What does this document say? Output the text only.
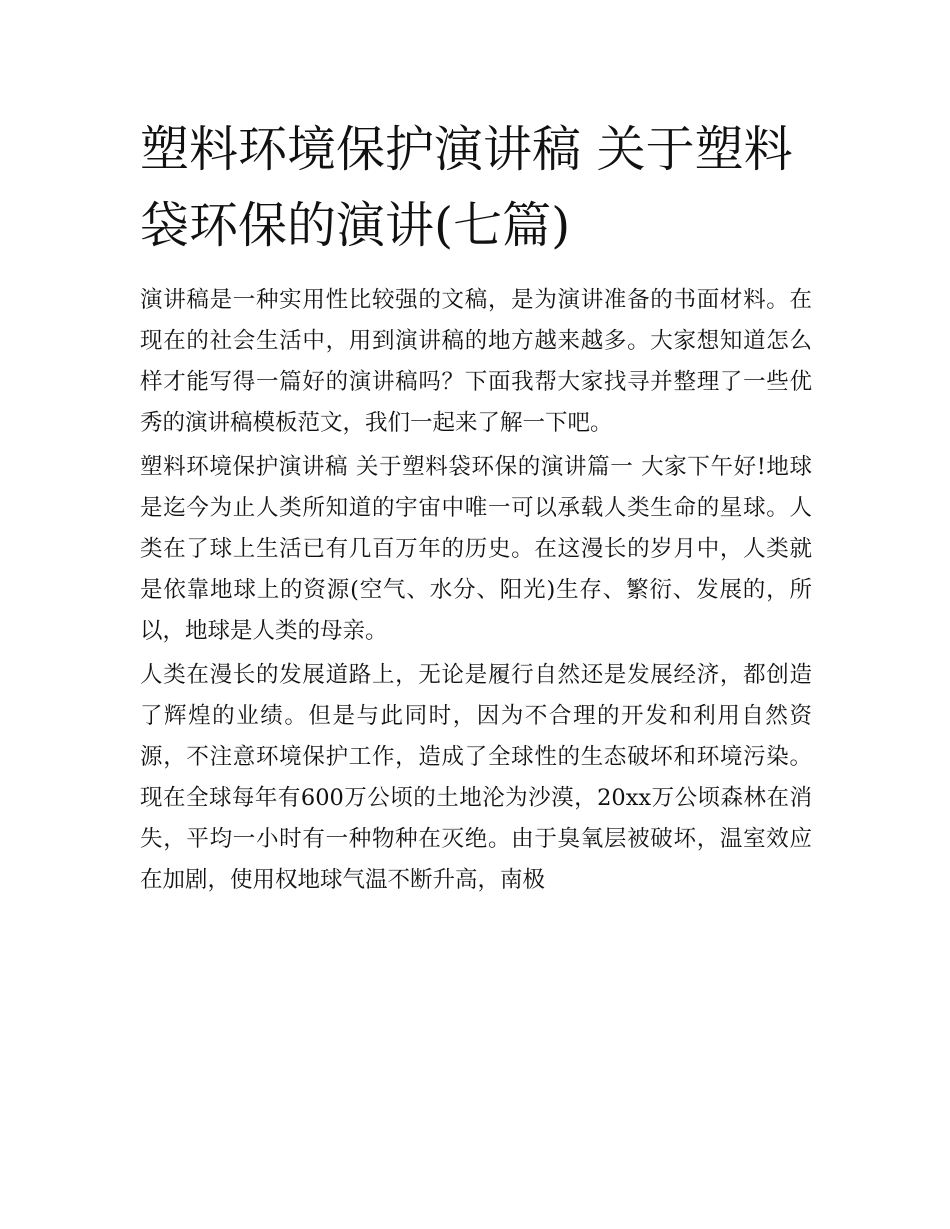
塑料环境保护演讲稿 关于塑料袋环保的演讲(七篇)

演讲稿是一种实用性比较强的文稿，是为演讲准备的书面材料。在现在的社会生活中，用到演讲稿的地方越来越多。大家想知道怎么样才能写得一篇好的演讲稿吗？下面我帮大家找寻并整理了一些优秀的演讲稿模板范文，我们一起来了解一下吧。

塑料环境保护演讲稿 关于塑料袋环保的演讲篇一 大家下午好!地球是迄今为止人类所知道的宇宙中唯一可以承载人类生命的星球。人类在了球上生活已有几百万年的历史。在这漫长的岁月中，人类就是依靠地球上的资源(空气、水分、阳光)生存、繁衍、发展的，所以，地球是人类的母亲。

人类在漫长的发展道路上，无论是履行自然还是发展经济，都创造了辉煌的业绩。但是与此同时，因为不合理的开发和利用自然资源，不注意环境保护工作，造成了全球性的生态破坏和环境污染。现在全球每年有600万公顷的土地沦为沙漠，20xx万公顷森林在消失，平均一小时有一种物种在灭绝。由于臭氧层被破坏，温室效应在加剧，使用权地球气温不断升高，南极
